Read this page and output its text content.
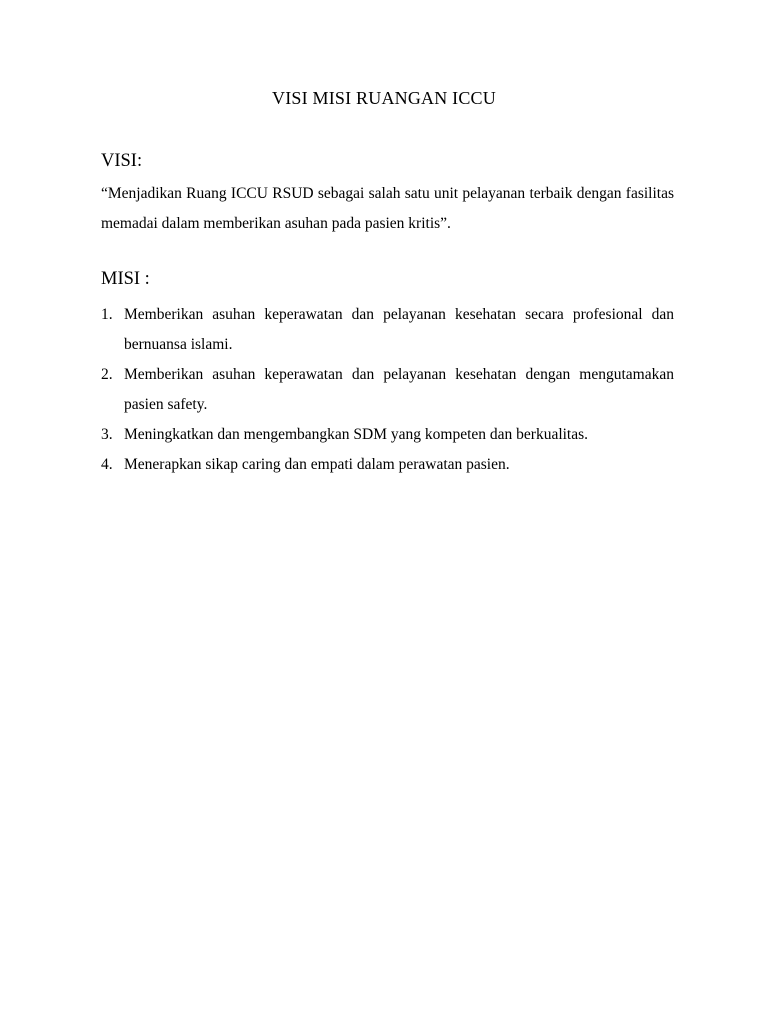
VISI MISI RUANGAN ICCU
VISI:
“Menjadikan Ruang ICCU RSUD sebagai salah satu unit pelayanan terbaik dengan fasilitas memadai dalam memberikan asuhan pada pasien kritis”.
MISI :
1. Memberikan asuhan keperawatan dan pelayanan kesehatan secara profesional dan bernuansa islami.
2. Memberikan asuhan keperawatan dan pelayanan kesehatan dengan mengutamakan pasien safety.
3. Meningkatkan dan mengembangkan SDM yang kompeten dan berkualitas.
4. Menerapkan sikap caring dan empati dalam perawatan pasien.
